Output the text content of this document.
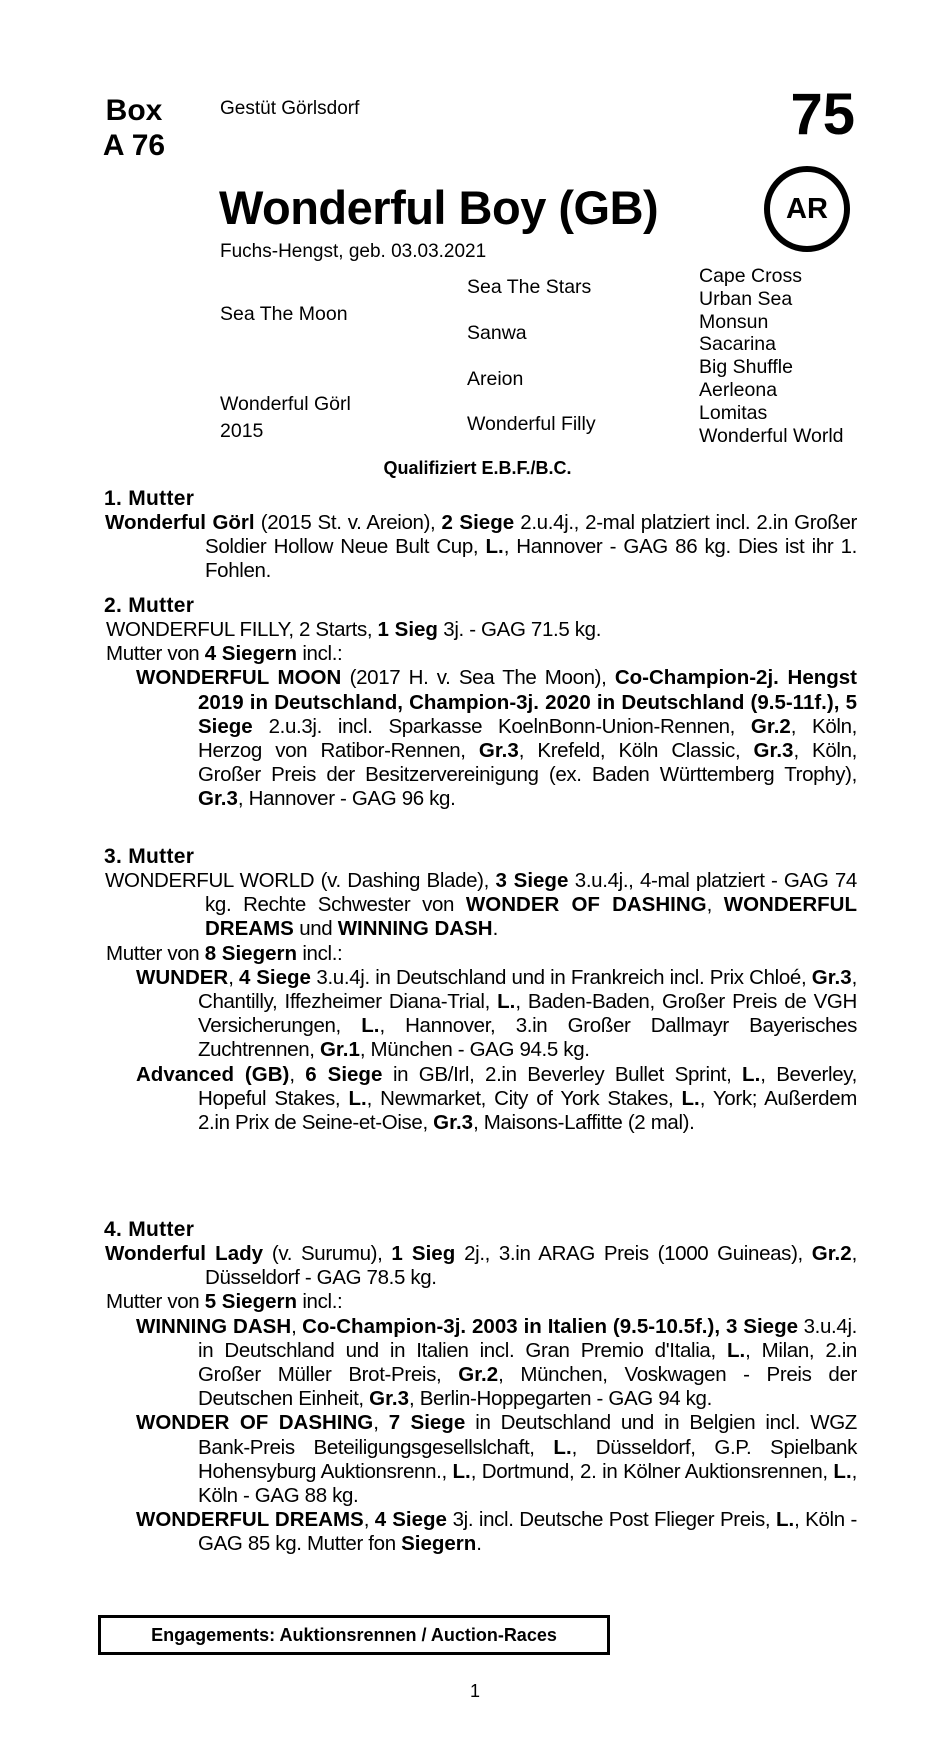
Box
A 76
Gestüt Görlsdorf	75
Wonderful Boy (GB)	AR
Fuchs-Hengst, geb. 03.03.2021
Sea The Moon
Wonderful Görl
2015
Sea The Stars
Sanwa
Areion
Wonderful Filly
Cape Cross
Urban Sea
Monsun
Sacarina
Big Shuffle
Aerleona
Lomitas
Wonderful World
Qualifiziert E.B.F./B.C.
1. Mutter
Wonderful Görl (2015 St. v. Areion), 2 Siege 2.u.4j., 2-mal platziert incl. 2.in Großer Soldier Hollow Neue Bult Cup, L., Hannover - GAG 86 kg. Dies ist ihr 1. Fohlen.
2. Mutter
WONDERFUL FILLY, 2 Starts, 1 Sieg 3j. - GAG 71.5 kg.
Mutter von 4 Siegern incl.:
WONDERFUL MOON (2017 H. v. Sea The Moon), Co-Champion-2j. Hengst 2019 in Deutschland, Champion-3j. 2020 in Deutschland (9.5-11f.), 5 Siege 2.u.3j. incl. Sparkasse KoelnBonn-Union-Rennen, Gr.2, Köln, Herzog von Ratibor-Rennen, Gr.3, Krefeld, Köln Classic, Gr.3, Köln, Großer Preis der Besitzervereinigung (ex. Baden Württemberg Trophy), Gr.3, Hannover - GAG 96 kg.
3. Mutter
WONDERFUL WORLD (v. Dashing Blade), 3 Siege 3.u.4j., 4-mal platziert - GAG 74 kg. Rechte Schwester von WONDER OF DASHING, WONDERFUL DREAMS und WINNING DASH.
Mutter von 8 Siegern incl.:
WUNDER, 4 Siege 3.u.4j. in Deutschland und in Frankreich incl. Prix Chloé, Gr.3, Chantilly, Iffezheimer Diana-Trial, L., Baden-Baden, Großer Preis de VGH Versicherungen, L., Hannover, 3.in Großer Dallmayr Bayerisches Zuchtrennen, Gr.1, München - GAG 94.5 kg.
Advanced (GB), 6 Siege in GB/Irl, 2.in Beverley Bullet Sprint, L., Beverley, Hopeful Stakes, L., Newmarket, City of York Stakes, L., York; Außerdem 2.in Prix de Seine-et-Oise, Gr.3, Maisons-Laffitte (2 mal).
4. Mutter
Wonderful Lady (v. Surumu), 1 Sieg 2j., 3.in ARAG Preis (1000 Guineas), Gr.2, Düsseldorf - GAG 78.5 kg.
Mutter von 5 Siegern incl.:
WINNING DASH, Co-Champion-3j. 2003 in Italien (9.5-10.5f.), 3 Siege 3.u.4j. in Deutschland und in Italien incl. Gran Premio d'Italia, L., Milan, 2.in Großer Müller Brot-Preis, Gr.2, München, Voskwagen - Preis der Deutschen Einheit, Gr.3, Berlin-Hoppegarten - GAG 94 kg.
WONDER OF DASHING, 7 Siege in Deutschland und in Belgien incl. WGZ Bank-Preis Beteiligungsgesellslchaft, L., Düsseldorf, G.P. Spielbank Hohensyburg Auktionsrenn., L., Dortmund, 2. in Kölner Auktionsrennen, L., Köln - GAG 88 kg.
WONDERFUL DREAMS, 4 Siege 3j. incl. Deutsche Post Flieger Preis, L., Köln - GAG 85 kg. Mutter fon Siegern.
Engagements: Auktionsrennen / Auction-Races
1
